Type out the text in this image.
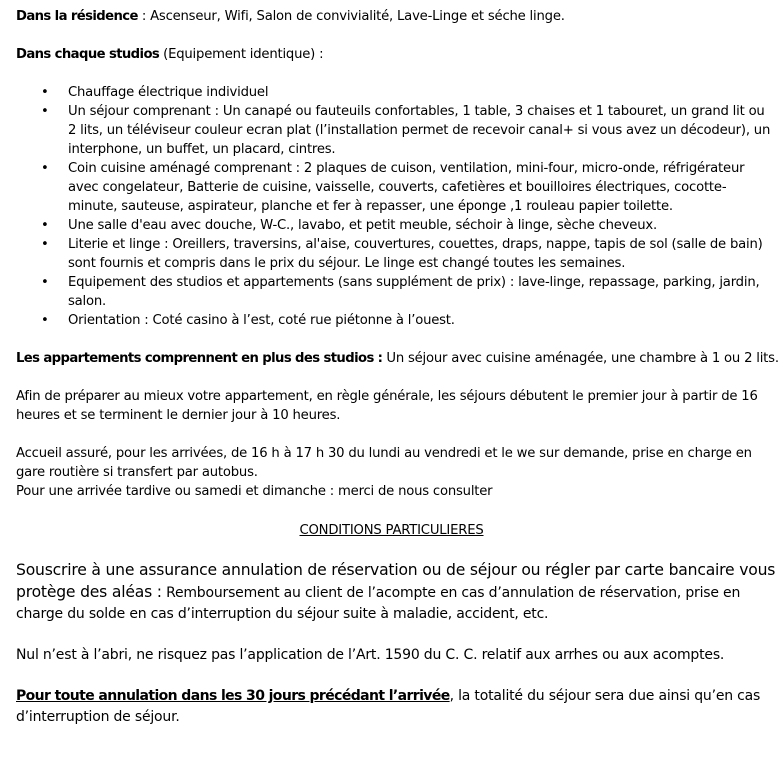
Dans la résidence : Ascenseur, Wifi, Salon de convivialité, Lave-Linge et séche linge.

Dans chaque studios (Equipement identique) :

• Chauffage électrique individuel
• Un séjour comprenant : Un canapé ou fauteuils confortables, 1 table, 3 chaises et 1 tabouret, un grand lit ou 2 lits, un téléviseur couleur ecran plat (l’installation permet de recevoir canal+ si vous avez un décodeur), un interphone, un buffet, un placard, cintres.
• Coin cuisine aménagé comprenant : 2 plaques de cuison, ventilation, mini-four, micro-onde, réfrigérateur avec congelateur, Batterie de cuisine, vaisselle, couverts, cafetières et bouilloires électriques, cocotte-minute, sauteuse, aspirateur, planche et fer à repasser, une éponge ,1 rouleau papier toilette.
• Une salle d'eau avec douche, W-C., lavabo, et petit meuble, séchoir à linge, sèche cheveux.
• Literie et linge : Oreillers, traversins, al'aise, couvertures, couettes, draps, nappe, tapis de sol (salle de bain) sont fournis et compris dans le prix du séjour. Le linge est changé toutes les semaines.
• Equipement des studios et appartements (sans supplément de prix) : lave-linge, repassage, parking, jardin, salon.
• Orientation : Coté casino à l’est, coté rue piétonne à l’ouest.

Les appartements comprennent en plus des studios : Un séjour avec cuisine aménagée, une chambre à 1 ou 2 lits.

Afin de préparer au mieux votre appartement, en règle générale, les séjours débutent le premier jour à partir de 16 heures et se terminent le dernier jour à 10 heures.

Accueil assuré, pour les arrivées, de 16 h à 17 h 30 du lundi au vendredi et le we sur demande, prise en charge en gare routière si transfert par autobus.

Pour une arrivée tardive ou samedi et dimanche : merci de nous consulter

CONDITIONS PARTICULIERES

Souscrire à une assurance annulation de réservation ou de séjour ou régler par carte bancaire vous protège des aléas : Remboursement au client de l’acompte en cas d’annulation de réservation, prise en charge du solde en cas d’interruption du séjour suite à maladie, accident, etc.

Nul n’est à l’abri, ne risquez pas l’application de l’Art. 1590 du C. C. relatif aux arrhes ou aux acomptes.

Pour toute annulation dans les 30 jours précédant l’arrivée, la totalité du séjour sera due ainsi qu’en cas d’interruption de séjour.
